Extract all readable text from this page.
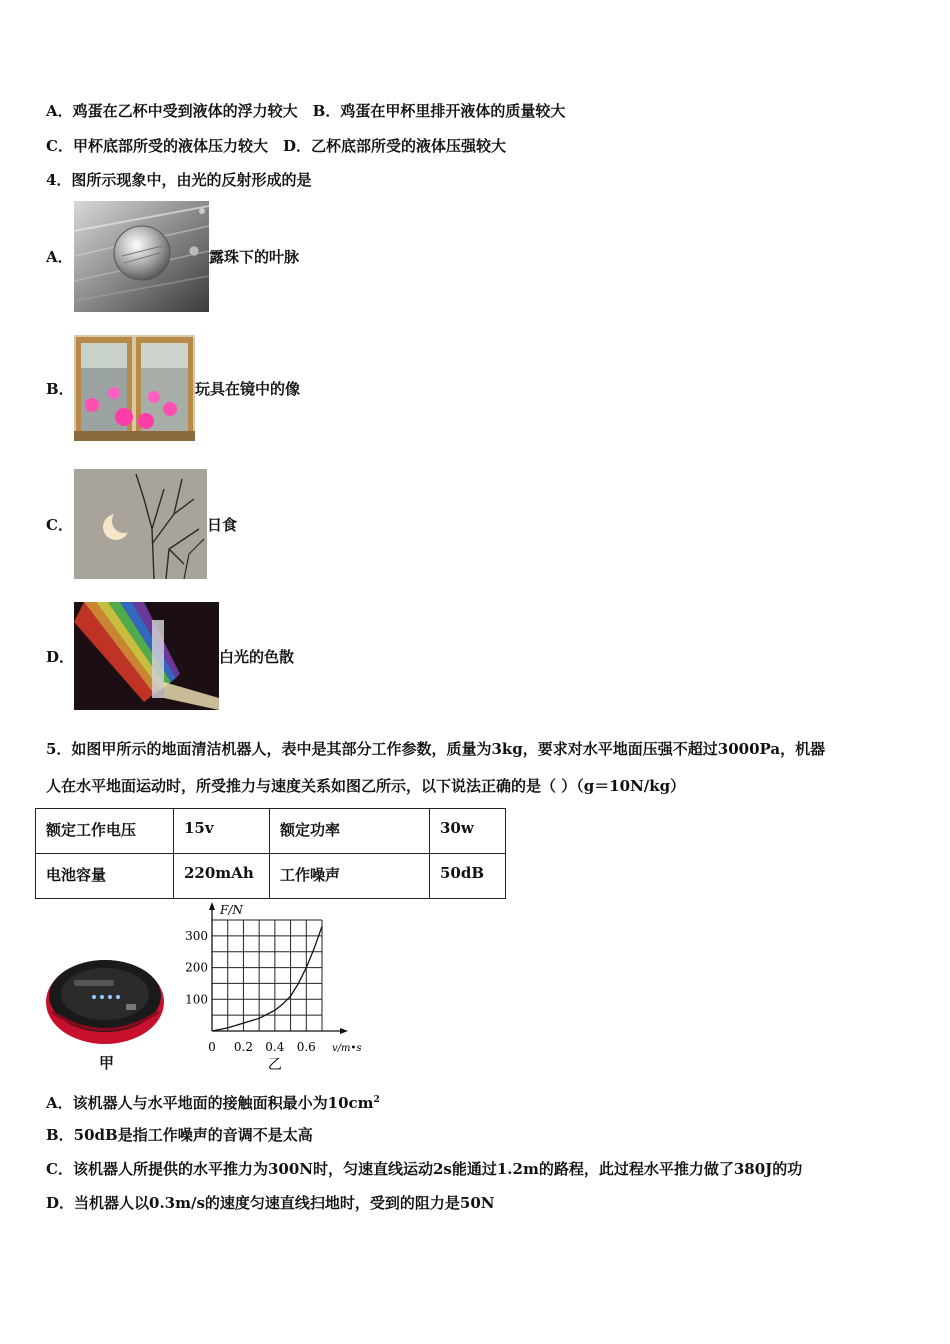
A．鸡蛋在乙杯中受到液体的浮力较大　B．鸡蛋在甲杯里排开液体的质量较大
C．甲杯底部所受的液体压力较大　D．乙杯底部所受的液体压强较大
4．图所示现象中，由光的反射形成的是
A．	露珠下的叶脉
B．	玩具在镜中的像
C．	日食
D．	白光的色散
5．如图甲所示的地面清洁机器人，表中是其部分工作参数，质量为3kg，要求对水平地面压强不超过3000Pa，机器
人在水平地面运动时，所受推力与速度关系如图乙所示，以下说法正确的是（ ）（g＝10N/kg）
额定工作电压	15v	额定功率	30w
电池容量	220mAh	工作噪声	50dB
甲
F/N
v/m•s
0 0.2 0.4 0.6
100
200
300
乙
A．该机器人与水平地面的接触面积最小为$10cm^2$
B．50dB是指工作噪声的音调不是太高
C．该机器人所提供的水平推力为300N时，匀速直线运动2s能通过1.2m的路程，此过程水平推力做了380J的功
D．当机器人以0.3m/s的速度匀速直线扫地时，受到的阻力是50N
